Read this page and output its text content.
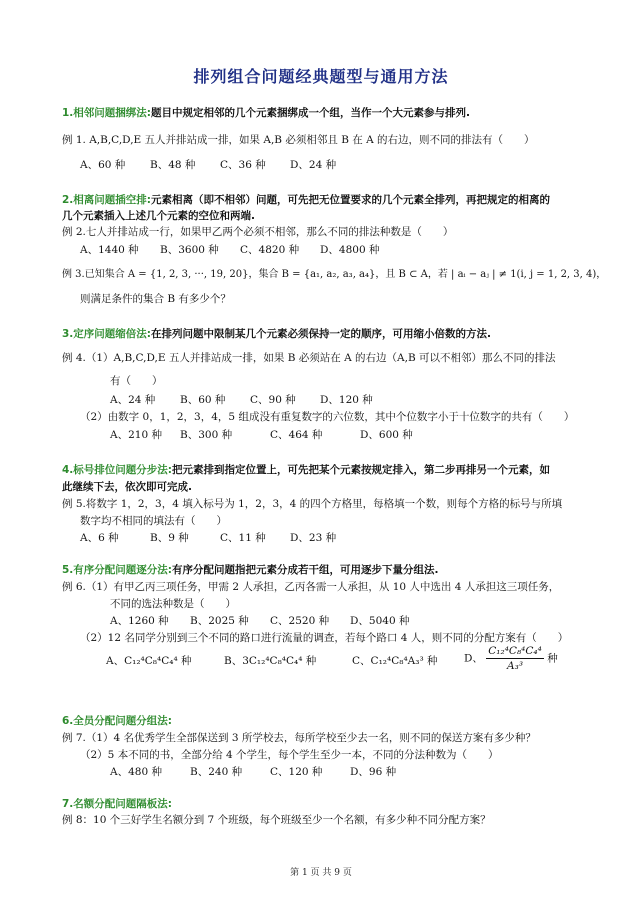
排列组合问题经典题型与通用方法
1.相邻问题捆绑法:题目中规定相邻的几个元素捆绑成一个组，当作一个大元素参与排列.
例 1. A,B,C,D,E 五人并排站成一排，如果 A,B 必须相邻且 B 在 A 的右边，则不同的排法有（　　）
A、60 种 B、48 种 C、36 种 D、24 种
2.相离问题插空排:元素相离（即不相邻）问题，可先把无位置要求的几个元素全排列，再把规定的相离的
几个元素插入上述几个元素的空位和两端.
例 2.七人并排站成一行，如果甲乙两个必须不相邻，那么不同的排法种数是（　　）
A、1440 种 B、3600 种 C、4820 种 D、4800 种
例 3.已知集合 A = {1, 2, 3, ···, 19, 20}，集合 B = {a₁, a₂, a₃, a₄}，且 B ⊂ A，若 | aᵢ − aⱼ | ≠ 1(i, j = 1, 2, 3, 4)，
则满足条件的集合 B 有多少个？
3.定序问题缩倍法:在排列问题中限制某几个元素必须保持一定的顺序，可用缩小倍数的方法.
例 4.（1）A,B,C,D,E 五人并排站成一排，如果 B 必须站在 A 的右边（A,B 可以不相邻）那么不同的排法
有（　　）
A、24 种 B、60 种 C、90 种 D、120 种
（2）由数字 0，1，2，3，4，5 组成没有重复数字的六位数，其中个位数字小于十位数字的共有（　　）
A、210 种 B、300 种	C、464 种	D、600 种
4.标号排位问题分步法:把元素排到指定位置上，可先把某个元素按规定排入，第二步再排另一个元素，如
此继续下去，依次即可完成.
例 5.将数字 1，2，3，4 填入标号为 1，2，3，4 的四个方格里，每格填一个数，则每个方格的标号与所填
数字均不相同的填法有（　　）
A、6 种	B、9 种	C、11 种 D、23 种
5.有序分配问题逐分法:有序分配问题指把元素分成若干组，可用逐步下量分组法.
例 6.（1）有甲乙丙三项任务，甲需 2 人承担，乙丙各需一人承担，从 10 人中选出 4 人承担这三项任务，
不同的选法种数是（　　）
A、1260 种 B、2025 种 C、2520 种 D、5040 种
（2）12 名同学分别到三个不同的路口进行流量的调查，若每个路口 4 人，则不同的分配方案有（　　）
A、C₁₂⁴C₈⁴C₄⁴ 种	B、3C₁₂⁴C₈⁴C₄⁴ 种	C、C₁₂⁴C₈⁴A₃³ 种	D、 $\frac{\text{C₁₂⁴C₈⁴C₄⁴}}{\text{A₃³}}$ 种
6.全员分配问题分组法:
例 7.（1）4 名优秀学生全部保送到 3 所学校去，每所学校至少去一名，则不同的保送方案有多少种？
（2）5 本不同的书，全部分给 4 个学生，每个学生至少一本，不同的分法种数为（　　）
A、480 种	B、240 种	C、120 种	D、96 种
7.名额分配问题隔板法:
例 8：10 个三好学生名额分到 7 个班级，每个班级至少一个名额，有多少种不同分配方案？
第 1 页 共 9 页
